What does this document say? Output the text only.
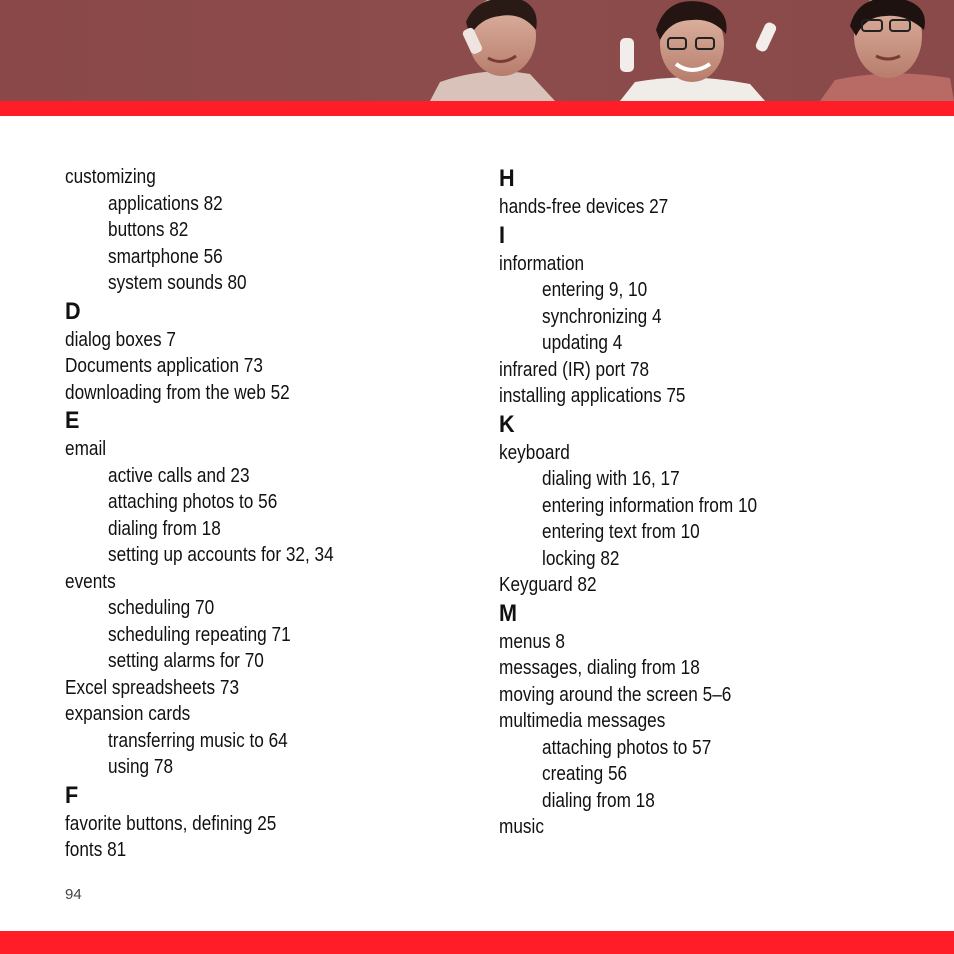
customizing
applications 82
buttons 82
smartphone 56
system sounds 80
D
dialog boxes 7
Documents application 73
downloading from the web 52
E
email
active calls and 23
attaching photos to 56
dialing from 18
setting up accounts for 32, 34
events
scheduling 70
scheduling repeating 71
setting alarms for 70
Excel spreadsheets 73
expansion cards
transferring music to 64
using 78
F
favorite buttons, defining 25
fonts 81
H
hands-free devices 27
I
information
entering 9, 10
synchronizing 4
updating 4
infrared (IR) port 78
installing applications 75
K
keyboard
dialing with 16, 17
entering information from 10
entering text from 10
locking 82
Keyguard 82
M
menus 8
messages, dialing from 18
moving around the screen 5–6
multimedia messages
attaching photos to 57
creating 56
dialing from 18
music
94
